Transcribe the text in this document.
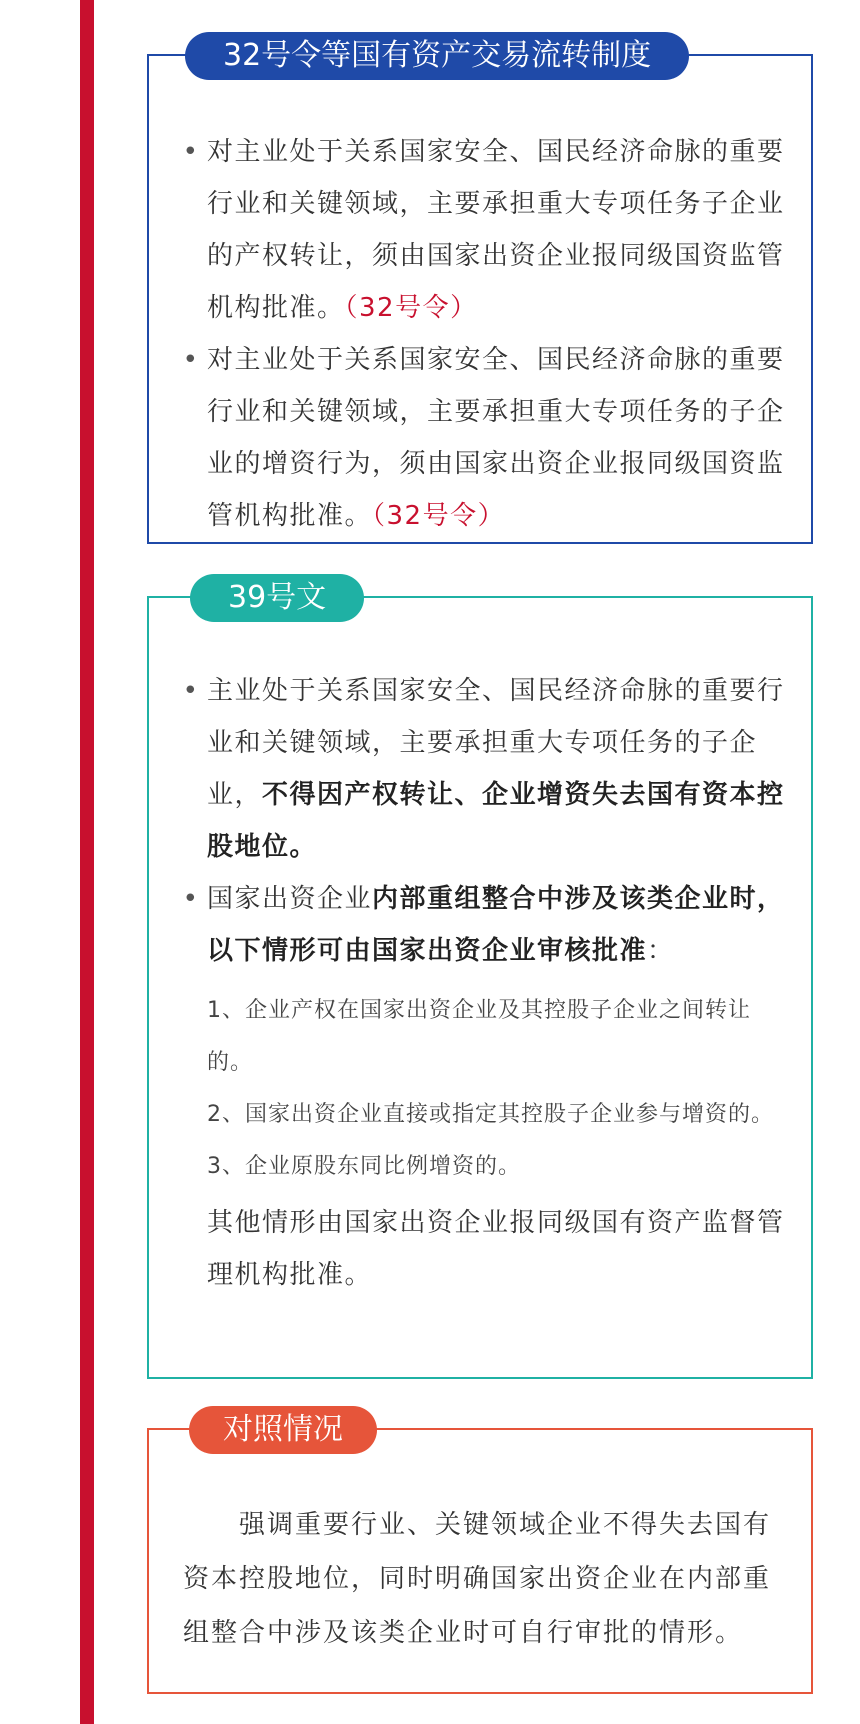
32号令等国有资产交易流转制度

• 对主业处于关系国家安全、国民经济命脉的重要行业和关键领域，主要承担重大专项任务子企业的产权转让，须由国家出资企业报同级国资监管机构批准。（32号令）

• 对主业处于关系国家安全、国民经济命脉的重要行业和关键领域，主要承担重大专项任务的子企业的增资行为，须由国家出资企业报同级国资监管机构批准。（32号令）

39号文

• 主业处于关系国家安全、国民经济命脉的重要行业和关键领域，主要承担重大专项任务的子企业，不得因产权转让、企业增资失去国有资本控股地位。

• 国家出资企业内部重组整合中涉及该类企业时，以下情形可由国家出资企业审核批准：

1、企业产权在国家出资企业及其控股子企业之间转让的。

2、国家出资企业直接或指定其控股子企业参与增资的。

3、企业原股东同比例增资的。

其他情形由国家出资企业报同级国有资产监督管理机构批准。

对照情况

强调重要行业、关键领域企业不得失去国有资本控股地位，同时明确国家出资企业在内部重组整合中涉及该类企业时可自行审批的情形。
